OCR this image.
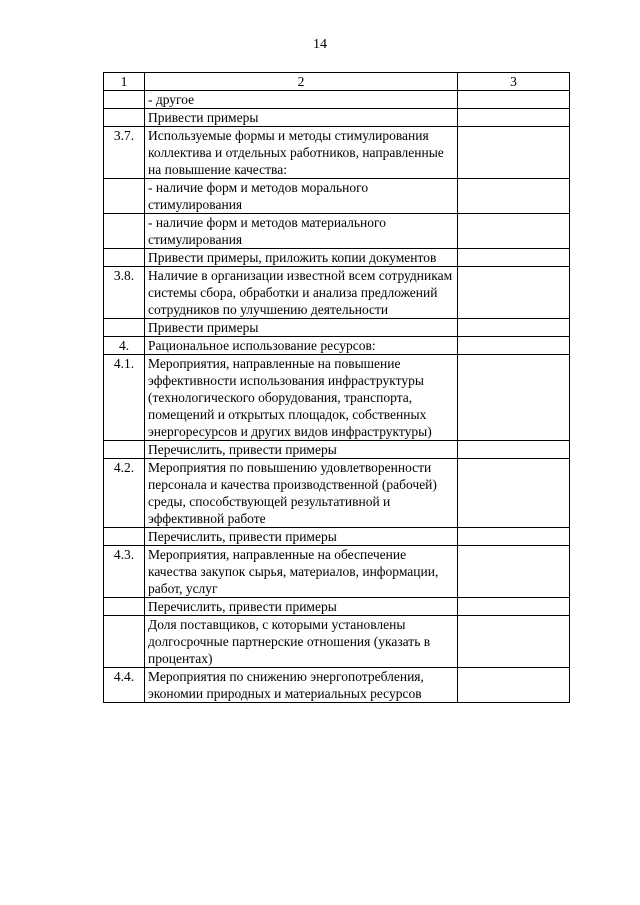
14
1	2	3
	- другое	
	Привести примеры	
3.7.	Используемые формы и методы стимулирования коллектива и отдельных работников, направленные на повышение качества:	
	- наличие форм и методов морального стимулирования	
	- наличие форм и методов материального стимулирования	
	Привести примеры, приложить копии документов	
3.8.	Наличие в организации известной всем сотрудникам системы сбора, обработки и анализа предложений сотрудников по улучшению деятельности	
	Привести примеры	
4.	Рациональное использование ресурсов:	
4.1.	Мероприятия, направленные на повышение эффективности использования инфраструктуры (технологического оборудования, транспорта, помещений и открытых площадок, собственных энергоресурсов и других видов инфраструктуры)	
	Перечислить, привести примеры	
4.2.	Мероприятия по повышению удовлетворенности персонала и качества производственной (рабочей) среды, способствующей результативной и эффективной работе	
	Перечислить, привести примеры	
4.3.	Мероприятия, направленные на обеспечение качества закупок сырья, материалов, информации, работ, услуг	
	Перечислить, привести примеры	
	Доля поставщиков, с которыми установлены долгосрочные партнерские отношения (указать в процентах)	
4.4.	Мероприятия по снижению энергопотребления, экономии природных и материальных ресурсов	
